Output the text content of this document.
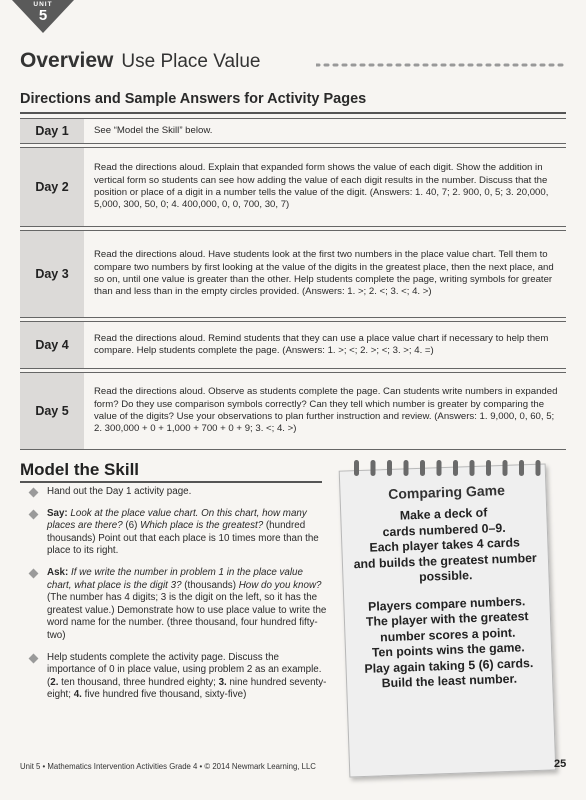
UNIT
5
Overview Use Place Value
Directions and Sample Answers for Activity Pages
Day 1	See “Model the Skill” below.

Day 2	Read the directions aloud. Explain that expanded form shows the value of each digit. Show the addition in vertical form so students can see how adding the value of each digit results in the number. Discuss that the position or place of a digit in a number tells the value of the digit. (Answers: 1. 40, 7; 2. 900, 0, 5; 3. 20,000, 5,000, 300, 50, 0; 4. 400,000, 0, 0, 700, 30, 7)

Day 3	Read the directions aloud. Have students look at the first two numbers in the place value chart. Tell them to compare two numbers by first looking at the value of the digits in the greatest place, then the next place, and so on, until one value is greater than the other. Help students complete the page, writing symbols for greater than and less than in the empty circles provided. (Answers: 1. >; 2. <; 3. <; 4. >)

Day 4	Read the directions aloud. Remind students that they can use a place value chart if necessary to help them compare. Help students complete the page. (Answers: 1. >; <; 2. >; <; 3. >; 4. =)

Day 5	Read the directions aloud. Observe as students complete the page. Can students write numbers in expanded form? Do they use comparison symbols correctly? Can they tell which number is greater by comparing the value of the digits? Use your observations to plan further instruction and review. (Answers: 1. 9,000, 0, 60, 5; 2. 300,000 + 0 + 1,000 + 700 + 0 + 9; 3. <; 4. >)
Model the Skill
Hand out the Day 1 activity page.
Say: Look at the place value chart. On this chart, how many places are there? (6) Which place is the greatest? (hundred thousands) Point out that each place is 10 times more than the place to its right.
Ask: If we write the number in problem 1 in the place value chart, what place is the digit 3? (thousands) How do you know? (The number has 4 digits; 3 is the digit on the left, so it has the greatest value.) Demonstrate how to use place value to write the word name for the number. (three thousand, four hundred fifty-two)
Help students complete the activity page. Discuss the importance of 0 in place value, using problem 2 as an example. (2. ten thousand, three hundred eighty; 3. nine hundred seventy-eight; 4. five hundred five thousand, sixty-five)
Comparing Game
Make a deck of
cards numbered 0–9.
Each player takes 4 cards
and builds the greatest number
possible.
Players compare numbers.
The player with the greatest
number scores a point.
Ten points wins the game.
Play again taking 5 (6) cards.
Build the least number.
Unit 5 • Mathematics Intervention Activities Grade 4 • © 2014 Newmark Learning, LLC	25
